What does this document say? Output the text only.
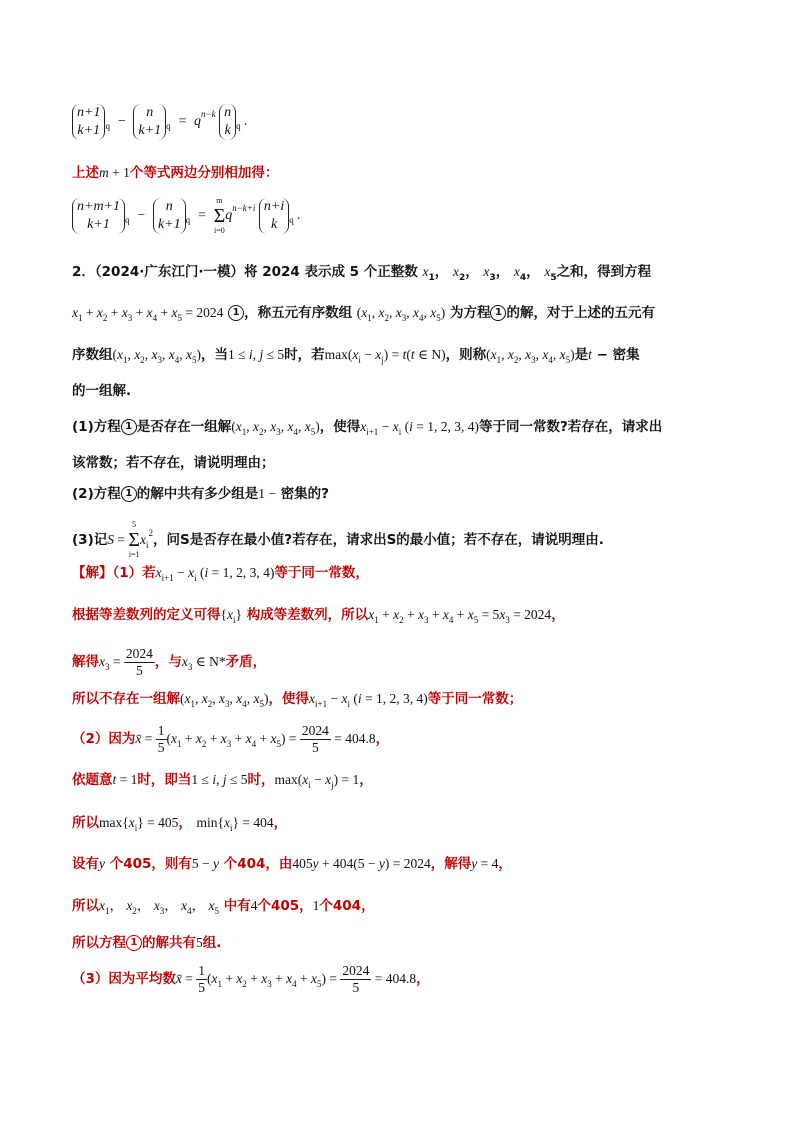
n+1
k+1 $_q$  −
n
k+1 $_q = q^{n-k}$ n
k $_q$ .
上述m + 1个等式两边分别相加得：
n+m+1
k+1	$_q$  −
n
k+1 $_q$  =
m
Σ
i=0
$q^{n-k+i}$ n+i
k	$_q$ .
2．（2024·广东江门·一模）将 2024 表示成 5 个正整数 $x_1$， $x_2$， $x_3$， $x_4$， $x_5$之和，得到方程
$x_1 + x_2 + x_3 + x_4 + x_5 = 2024$ 1 ，称五元有序数组 ($x_1$, $x_2$, $x_3$, $x_4$, $x_5$) 为方程 1 的解，对于上述的五元有
序数组($x_1$, $x_2$, $x_3$, $x_4$, $x_5$)，当1 ≤ i, j ≤ 5时，若$\max(x_i - x_j) = t(t$ ∈ N)，则称($x_1$, $x_2$, $x_3$, $x_4$, $x_5$)是t − 密集
的一组解.
(1)方程 1 是否存在一组解($x_1$, $x_2$, $x_3$, $x_4$, $x_5$)，使得$x_{i+1} - x_i$ (i = 1, 2, 3, 4)等于同一常数?若存在，请求出
该常数；若不存在，请说明理由；
(2)方程 1 的解中共有多少组是1 − 密集的?
(3)记S =
5
Σ
i=1
$x_i^2$，问S是否存在最小值?若存在，请求出S的最小值；若不存在，请说明理由.
【解】（1）若$x_{i+1} - x_i$ (i = 1, 2, 3, 4)等于同一常数，
根据等差数列的定义可得$\{x_i\}$ 构成等差数列，所以$x_1 + x_2 + x_3 + x_4 + x_5 = 5x_3 = 2024$，
解得$x_3 = \frac{2024}{5}$ ，与$x_3$ ∈ N*矛盾，
所以不存在一组解($x_1$, $x_2$, $x_3$, $x_4$, $x_5$)，使得$x_{i+1} - x_i$ (i = 1, 2, 3, 4)等于同一常数；
（2）因为x̄ = $\frac{1}{5} (x_1 + x_2 + x_3 + x_4 + x_5) = \frac{2024}{5} = 404.8$，
依题意t = 1时，即当1 ≤ i, j ≤ 5时，$\max(x_i - x_j) = 1$，
所以$\max\{x_i\} = 405$， $\min\{x_i\} = 404$，
设有y 个405，则有5 − y 个404，由405y + 404(5 − y) = 2024，解得y = 4，
所以$x_1$， $x_2$， $x_3$， $x_4$， $x_5$ 中有4个405，1个404，
所以方程 1 的解共有5组.
（3）因为平均数x̄ = $\frac{1}{5} (x_1 + x_2 + x_3 + x_4 + x_5) = \frac{2024}{5} = 404.8$，
